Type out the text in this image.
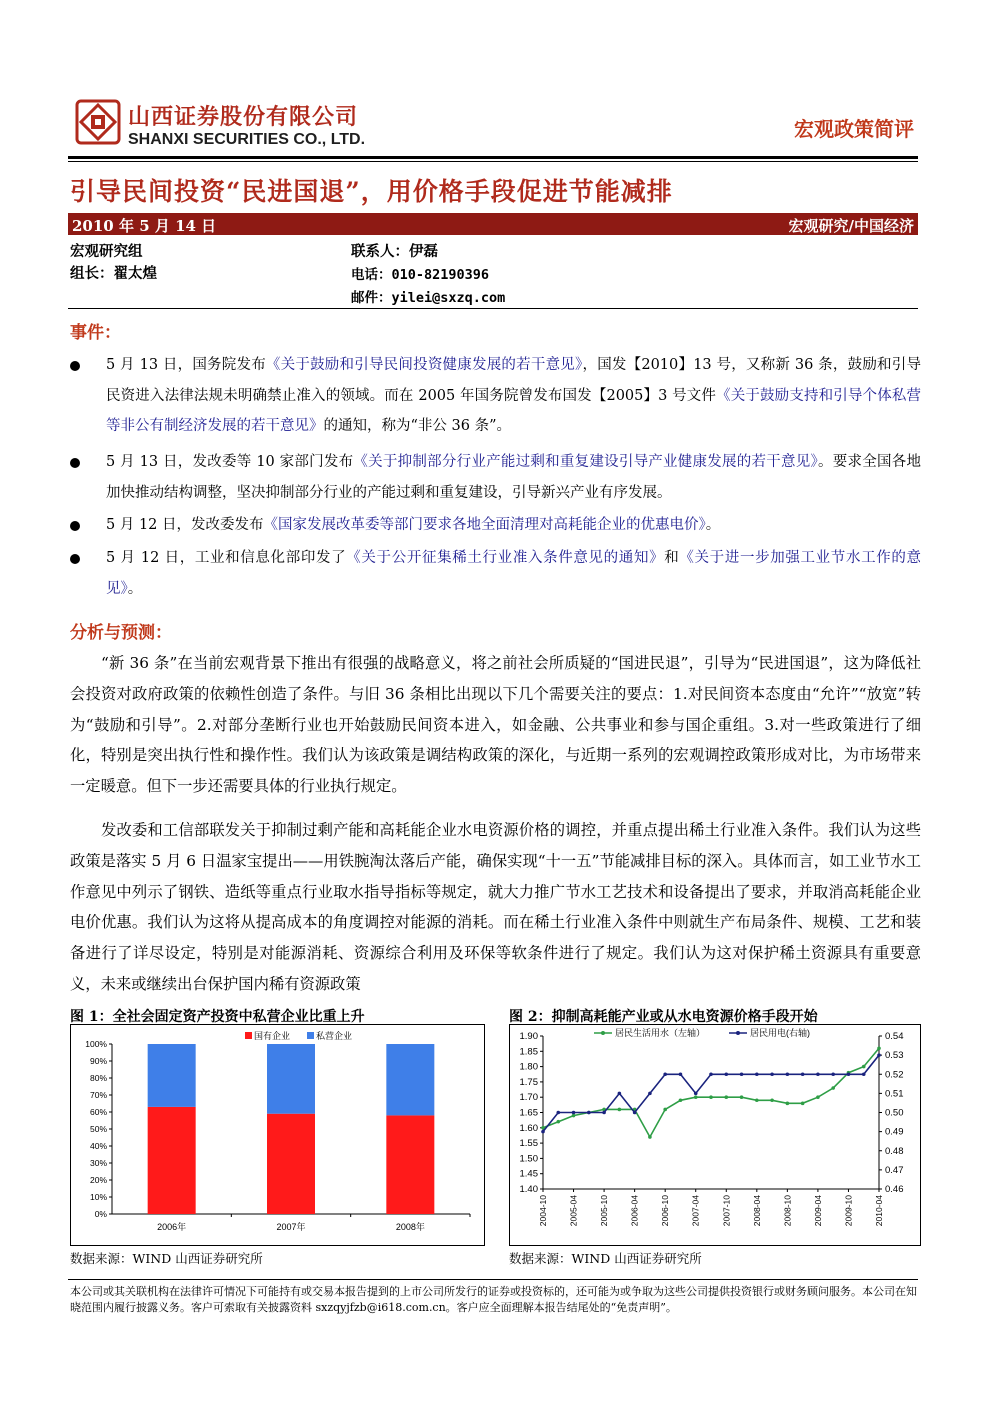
山西证券股份有限公司
SHANXI SECURITIES CO., LTD.	宏观政策简评
引导民间投资“民进国退”，用价格手段促进节能减排
2010 年 5 月 14 日	宏观研究/中国经济
宏观研究组
组长：翟太煌
联系人：伊磊
电话：010-82190396
邮件：yilei@sxzq.com
事件：
5 月 13 日，国务院发布《关于鼓励和引导民间投资健康发展的若干意见》，国发【2010】13 号，又称新 36 条，鼓励和引导民资进入法律法规未明确禁止准入的领域。而在 2005 年国务院曾发布国发【2005】3 号文件《关于鼓励支持和引导个体私营等非公有制经济发展的若干意见》的通知，称为“非公 36 条”。
5 月 13 日，发改委等 10 家部门发布《关于抑制部分行业产能过剩和重复建设引导产业健康发展的若干意见》。要求全国各地加快推动结构调整，坚决抑制部分行业的产能过剩和重复建设，引导新兴产业有序发展。
5 月 12 日，发改委发布《国家发展改革委等部门要求各地全面清理对高耗能企业的优惠电价》。
5 月 12 日，工业和信息化部印发了《关于公开征集稀土行业准入条件意见的通知》和《关于进一步加强工业节水工作的意见》。
分析与预测：
“新 36 条”在当前宏观背景下推出有很强的战略意义，将之前社会所质疑的“国进民退”，引导为“民进国退”，这为降低社会投资对政府政策的依赖性创造了条件。与旧 36 条相比出现以下几个需要关注的要点：1.对民间资本态度由“允许”“放宽”转为“鼓励和引导”。2.对部分垄断行业也开始鼓励民间资本进入，如金融、公共事业和参与国企重组。3.对一些政策进行了细化，特别是突出执行性和操作性。我们认为该政策是调结构政策的深化，与近期一系列的宏观调控政策形成对比，为市场带来一定暖意。但下一步还需要具体的行业执行规定。
发改委和工信部联发关于抑制过剩产能和高耗能企业水电资源价格的调控，并重点提出稀土行业准入条件。我们认为这些政策是落实 5 月 6 日温家宝提出——用铁腕淘汰落后产能，确保实现“十一五”节能减排目标的深入。具体而言，如工业节水工作意见中列示了钢铁、造纸等重点行业取水指导指标等规定，就大力推广节水工艺技术和设备提出了要求，并取消高耗能企业电价优惠。我们认为这将从提高成本的角度调控对能源的消耗。而在稀土行业准入条件中则就生产布局条件、规模、工艺和装备进行了详尽设定，特别是对能源消耗、资源综合利用及环保等软条件进行了规定。我们认为这对保护稀土资源具有重要意义，未来或继续出台保护国内稀有资源政策
图 1：全社会固定资产投资中私营企业比重上升	图 2：抑制高耗能产业或从水电资源价格手段开始
0%
10%
20%
30%
40%
50%
60%
70%
80%
90%
100%
2006年	2007年	2008年
国有企业	私营企业
1.40
1.45
1.50
1.55
1.60
1.65
1.70
1.75
1.80
1.85
1.90
0.46
0.47
0.48
0.49
0.50
0.51
0.52
0.53
0.54
2004-10 2005-04 2005-10 2006-04 2006-10 2007-04 2007-10 2008-04 2008-10 2009-04 2009-10 2010-04
居民生活用水（左轴）	居民用电(右轴)
数据来源：WIND 山西证券研究所	数据来源：WIND 山西证券研究所
本公司或其关联机构在法律许可情况下可能持有或交易本报告提到的上市公司所发行的证券或投资标的，还可能为或争取为这些公司提供投资银行或财务顾问服务。本公司在知晓范围内履行披露义务。客户可索取有关披露资料 sxzqyjfzb@i618.com.cn。客户应全面理解本报告结尾处的“免责声明”。
